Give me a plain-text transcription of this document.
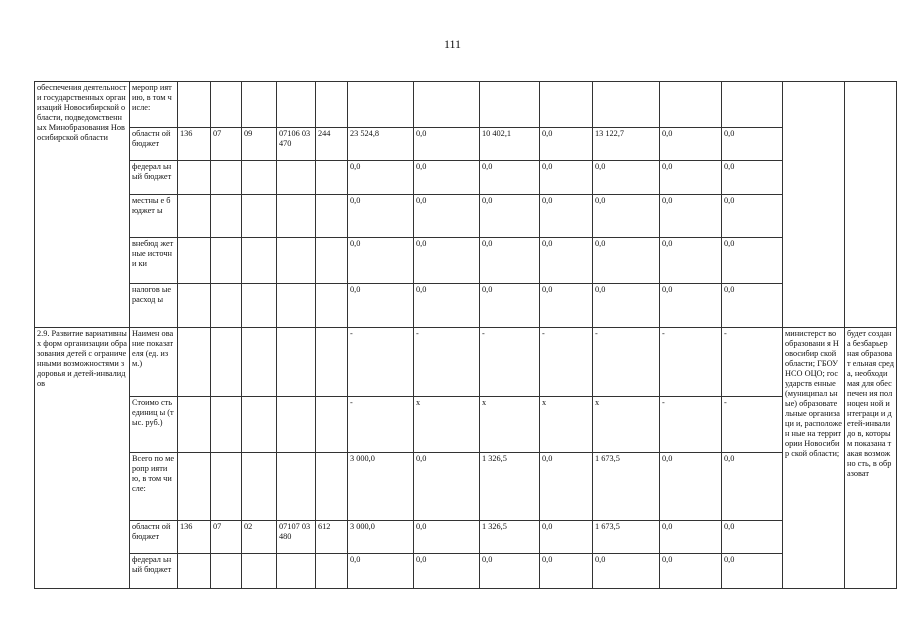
111
обеспечения деятельности государственных организаций Новосибирской области, подведомственных Минобразования Новосибирской области	меропр иятию, в том числе:														
	областн ой бюджет	136	07	09	07106 03470	244	23 524,8	0,0	10 402,1	0,0	13 122,7	0,0	0,0		
	федерал ьный бюджет						0,0	0,0	0,0	0,0	0,0	0,0	0,0		
	местны е бюджет ы						0,0	0,0	0,0	0,0	0,0	0,0	0,0		
	внебюд жетные источни ки						0,0	0,0	0,0	0,0	0,0	0,0	0,0		
	налогов ые расход ы						0,0	0,0	0,0	0,0	0,0	0,0	0,0		
2.9. Развитие вариативных форм организации образования детей с ограниченными возможностями здоровья и детей-инвалидов	Наимен ование показат еля (ед. изм.)						-	-	-	-	-	-	-	министерст во образовани я Новосибир ской области; ГБОУ НСО ОЦО; государств енные (муниципал ьные) образовате льные организаци и, расположен ные на территории Новосибир ской области;	будет создана безбарьер ная образоват ельная среда, необходи мая для обеспечен ия полноцен ной интеграци и детей-инвалидо в, которым показана такая возможно сть, в образоват
	Стоимо сть единиц ы (тыс. руб.)						-	x	x	x	x	-	-		
	Всего по меропр иятию, в том числе:						3 000,0	0,0	1 326,5	0,0	1 673,5	0,0	0,0		
	областн ой бюджет	136	07	02	07107 03480	612	3 000,0	0,0	1 326,5	0,0	1 673,5	0,0	0,0		
	федерал ьный бюджет						0,0	0,0	0,0	0,0	0,0	0,0	0,0		
